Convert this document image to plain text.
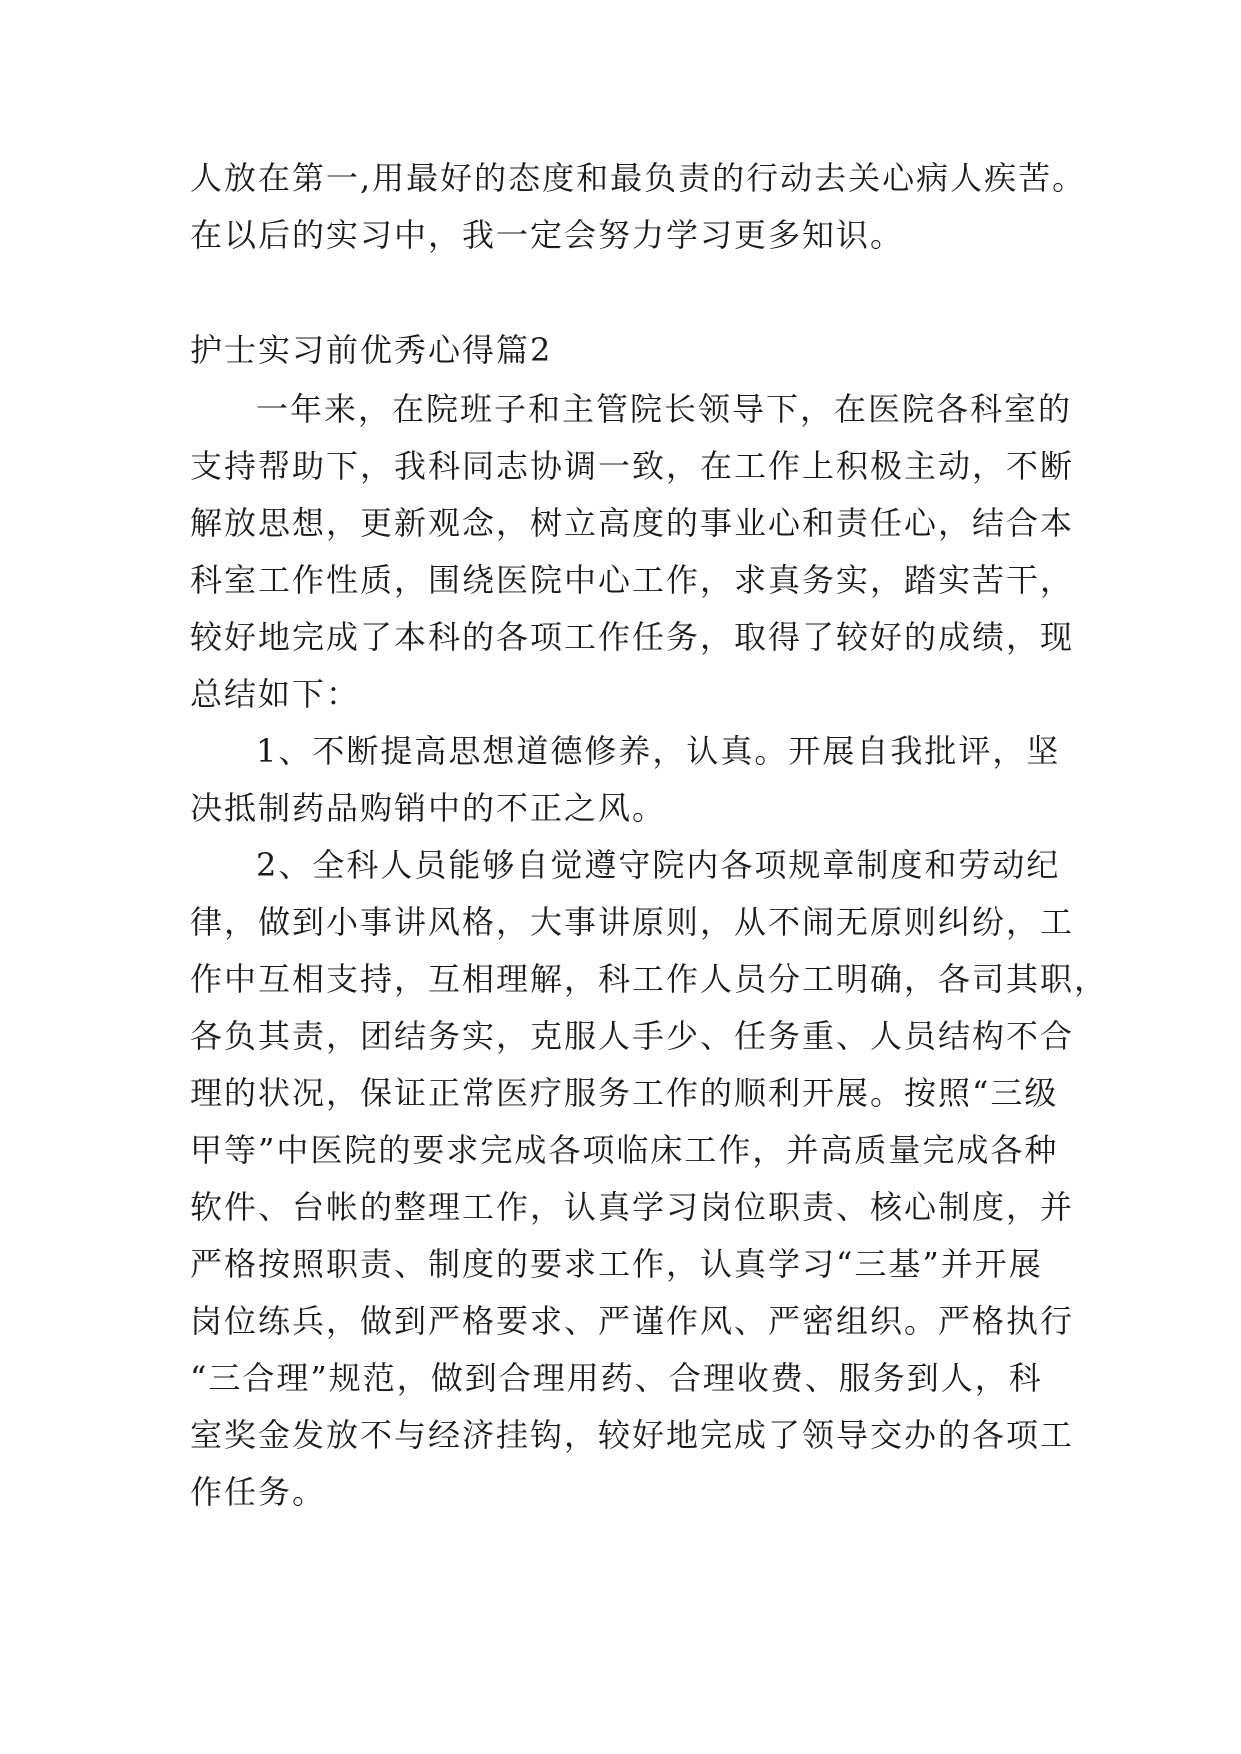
人放在第一,用最好的态度和最负责的行动去关心病人疾苦。
在以后的实习中，我一定会努力学习更多知识。
护士实习前优秀心得篇2
一年来，在院班子和主管院长领导下，在医院各科室的
支持帮助下，我科同志协调一致，在工作上积极主动，不断
解放思想，更新观念，树立高度的事业心和责任心，结合本
科室工作性质，围绕医院中心工作，求真务实，踏实苦干，
较好地完成了本科的各项工作任务，取得了较好的成绩，现
总结如下：
1、不断提高思想道德修养，认真。开展自我批评，坚
决抵制药品购销中的不正之风。
2、全科人员能够自觉遵守院内各项规章制度和劳动纪
律，做到小事讲风格，大事讲原则，从不闹无原则纠纷，工
作中互相支持，互相理解，科工作人员分工明确，各司其职，
各负其责，团结务实，克服人手少、任务重、人员结构不合
理的状况，保证正常医疗服务工作的顺利开展。按照“三级
甲等”中医院的要求完成各项临床工作，并高质量完成各种
软件、台帐的整理工作，认真学习岗位职责、核心制度，并
严格按照职责、制度的要求工作，认真学习“三基”并开展
岗位练兵，做到严格要求、严谨作风、严密组织。严格执行
“三合理”规范，做到合理用药、合理收费、服务到人，科
室奖金发放不与经济挂钩，较好地完成了领导交办的各项工
作任务。
